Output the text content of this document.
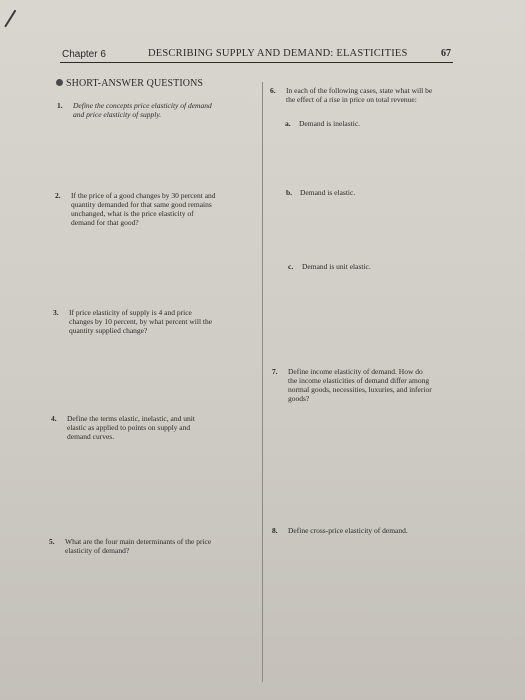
Chapter 6	DESCRIBING SUPPLY AND DEMAND: ELASTICITIES	67
SHORT-ANSWER QUESTIONS
1. Define the concepts price elasticity of demand
and price elasticity of supply.
2. If the price of a good changes by 30 percent and
quantity demanded for that same good remains
unchanged, what is the price elasticity of
demand for that good?
3. If price elasticity of supply is 4 and price
changes by 10 percent, by what percent will the
quantity supplied change?
4. Define the terms elastic, inelastic, and unit
elastic as applied to points on supply and
demand curves.
5. What are the four main determinants of the price
elasticity of demand?
6. In each of the following cases, state what will be
the effect of a rise in price on total revenue:
a. Demand is inelastic.
b. Demand is elastic.
c. Demand is unit elastic.
7. Define income elasticity of demand. How do
the income elasticities of demand differ among
normal goods, necessities, luxuries, and inferior
goods?
8. Define cross-price elasticity of demand.
